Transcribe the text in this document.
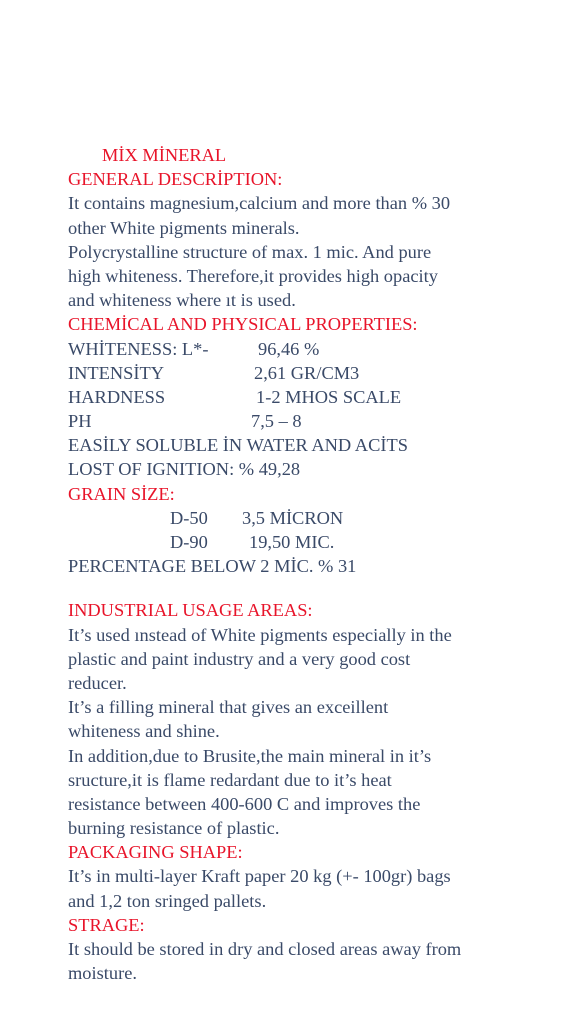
MİX MİNERAL
GENERAL DESCRİPTION:
It contains magnesium,calcium and more than % 30
other White pigments minerals.
Polycrystalline structure of max. 1 mic. And pure
high whiteness. Therefore,it provides high opacity
and whiteness where ıt is used.
CHEMİCAL AND PHYSICAL PROPERTIES:
WHİTENESS: L*-	96,46 %
INTENSİTY	2,61 GR/CM3
HARDNESS	1-2 MHOS SCALE
PH	7,5 – 8
EASİLY SOLUBLE İN WATER AND ACİTS
LOST OF IGNITION: % 49,28
GRAIN SİZE:
D-50	3,5 MİCRON
D-90	19,50 MIC.
PERCENTAGE BELOW 2 MİC. % 31
INDUSTRIAL USAGE AREAS:
It’s used ınstead of White pigments especially in the
plastic and paint industry and a very good cost
reducer.
It’s a filling mineral that gives an exceillent
whiteness and shine.
In addition,due to Brusite,the main mineral in it’s
sructure,it is flame redardant due to it’s heat
resistance between 400-600 C and improves the
burning resistance of plastic.
PACKAGING SHAPE:
It’s in multi-layer Kraft paper 20 kg (+- 100gr) bags
and 1,2 ton sringed pallets.
STRAGE:
It should be stored in dry and closed areas away from
moisture.
